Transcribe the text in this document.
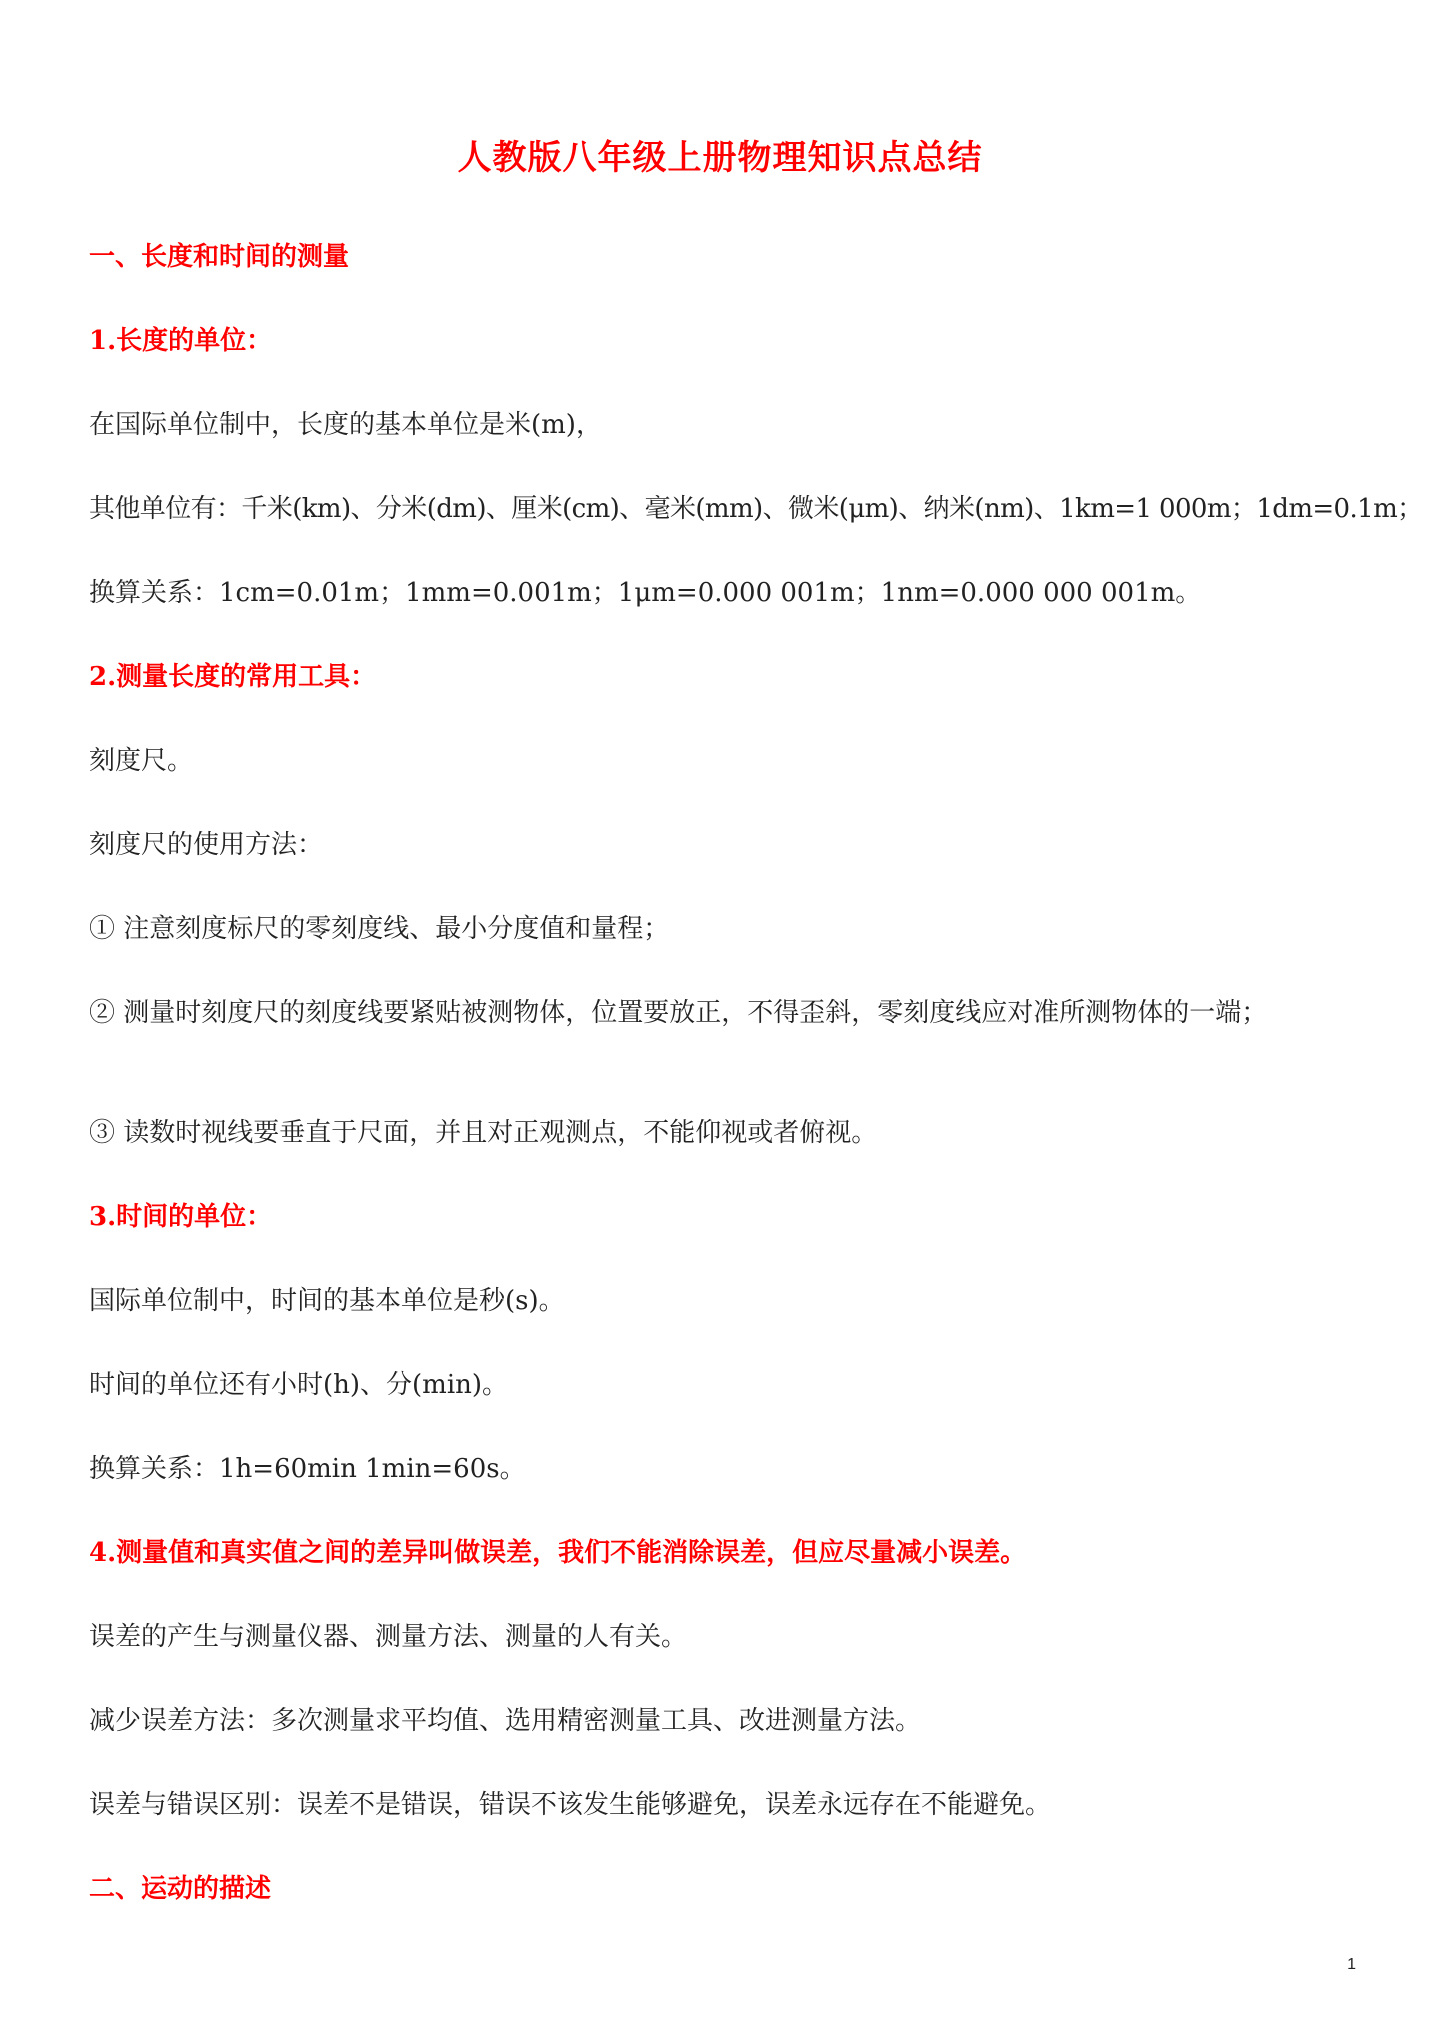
人教版八年级上册物理知识点总结
一、长度和时间的测量
1.长度的单位：
在国际单位制中，长度的基本单位是米(m)，
其他单位有：千米(km)、分米(dm)、厘米(cm)、毫米(mm)、微米(μm)、纳米(nm)、1km=1 000m；1dm=0.1m；
换算关系：1cm=0.01m；1mm=0.001m；1μm=0.000 001m；1nm=0.000 000 001m。
2.测量长度的常用工具：
刻度尺。
刻度尺的使用方法：
① 注意刻度标尺的零刻度线、最小分度值和量程；
② 测量时刻度尺的刻度线要紧贴被测物体，位置要放正，不得歪斜，零刻度线应对准所测物体的一端；
③ 读数时视线要垂直于尺面，并且对正观测点，不能仰视或者俯视。
3.时间的单位：
国际单位制中，时间的基本单位是秒(s)。
时间的单位还有小时(h)、分(min)。
换算关系：1h=60min 1min=60s。
4.测量值和真实值之间的差异叫做误差，我们不能消除误差，但应尽量减小误差。
误差的产生与测量仪器、测量方法、测量的人有关。
减少误差方法：多次测量求平均值、选用精密测量工具、改进测量方法。
误差与错误区别：误差不是错误，错误不该发生能够避免，误差永远存在不能避免。
二、运动的描述
1
